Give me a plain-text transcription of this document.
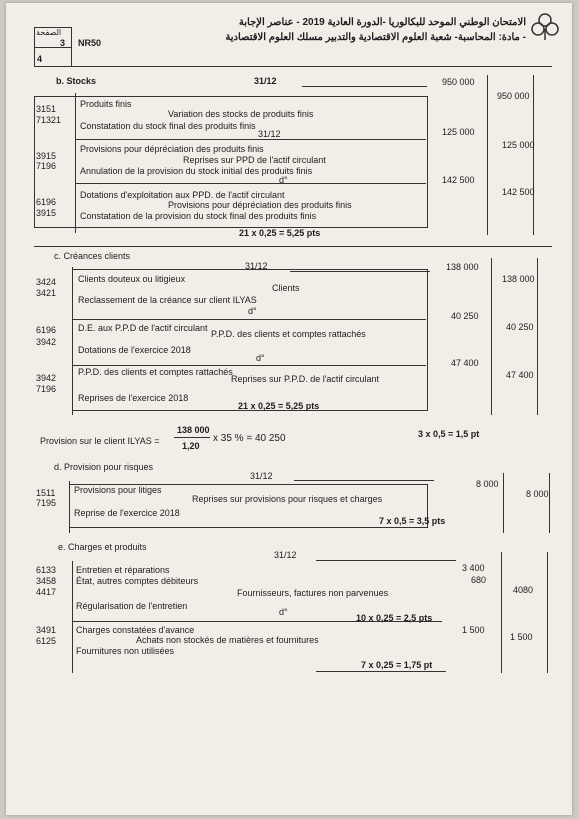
الصفحة
3
4
NR50
الامتحان الوطني الموحد للبكالوريا -الدورة العادية 2019 - عناصر الإجابة
- مادة: المحاسبة- شعبة العلوم الاقتصادية والتدبير مسلك العلوم الاقتصادية
b. Stocks	31/12
3151
71321
Produits finis
Variation des stocks de produits finis
Constatation du stock final des produits finis
31/12
950 000
950 000
3915
7196
Provisions pour dépréciation des produits finis
Reprises sur PPD de l'actif circulant
Annulation de la provision du stock initial des produits finis
d°
125 000
125 000
6196
3915
Dotations d'exploitation aux PPD. de l'actif circulant
Provisions pour dépréciation des produits finis
Constatation de la provision du stock final des produits finis
142 500
142 500
21 x 0,25 = 5,25 pts
c. Créances clients
31/12
3424
3421
Clients douteux ou litigieux
Clients
Reclassement de la créance sur client ILYAS
d°
138 000
138 000
6196
3942
D.E. aux P.P.D de l'actif circulant
P.P.D. des clients et comptes rattachés
Dotations de l'exercice 2018
d°
40 250
40 250
3942
7196
P.P.D. des clients et comptes rattachés
Reprises sur P.P.D. de l'actif circulant
Reprises de l'exercice 2018
47 400
47 400
21 x 0,25 = 5,25 pts
Provision sur le client ILYAS =
138 000
1,20
x 35 % = 40 250	3 x 0,5 = 1,5 pt
d. Provision pour risques
31/12
1511
7195
Provisions pour litiges
Reprises sur provisions pour risques et charges
Reprise de l'exercice 2018
8 000
8 000
7 x 0,5 = 3,5 pts
e. Charges et produits
31/12
6133
3458
4417
Entretien et réparations
État, autres comptes débiteurs
Fournisseurs, factures non parvenues
Régularisation de l'entretien
d°
10 x 0,25 = 2,5 pts
3 400
680
4080
3491
6125
Charges constatées d'avance
Achats non stockés de matières et fournitures
Fournitures non utilisées
1 500
1 500
7 x 0,25 = 1,75 pt
